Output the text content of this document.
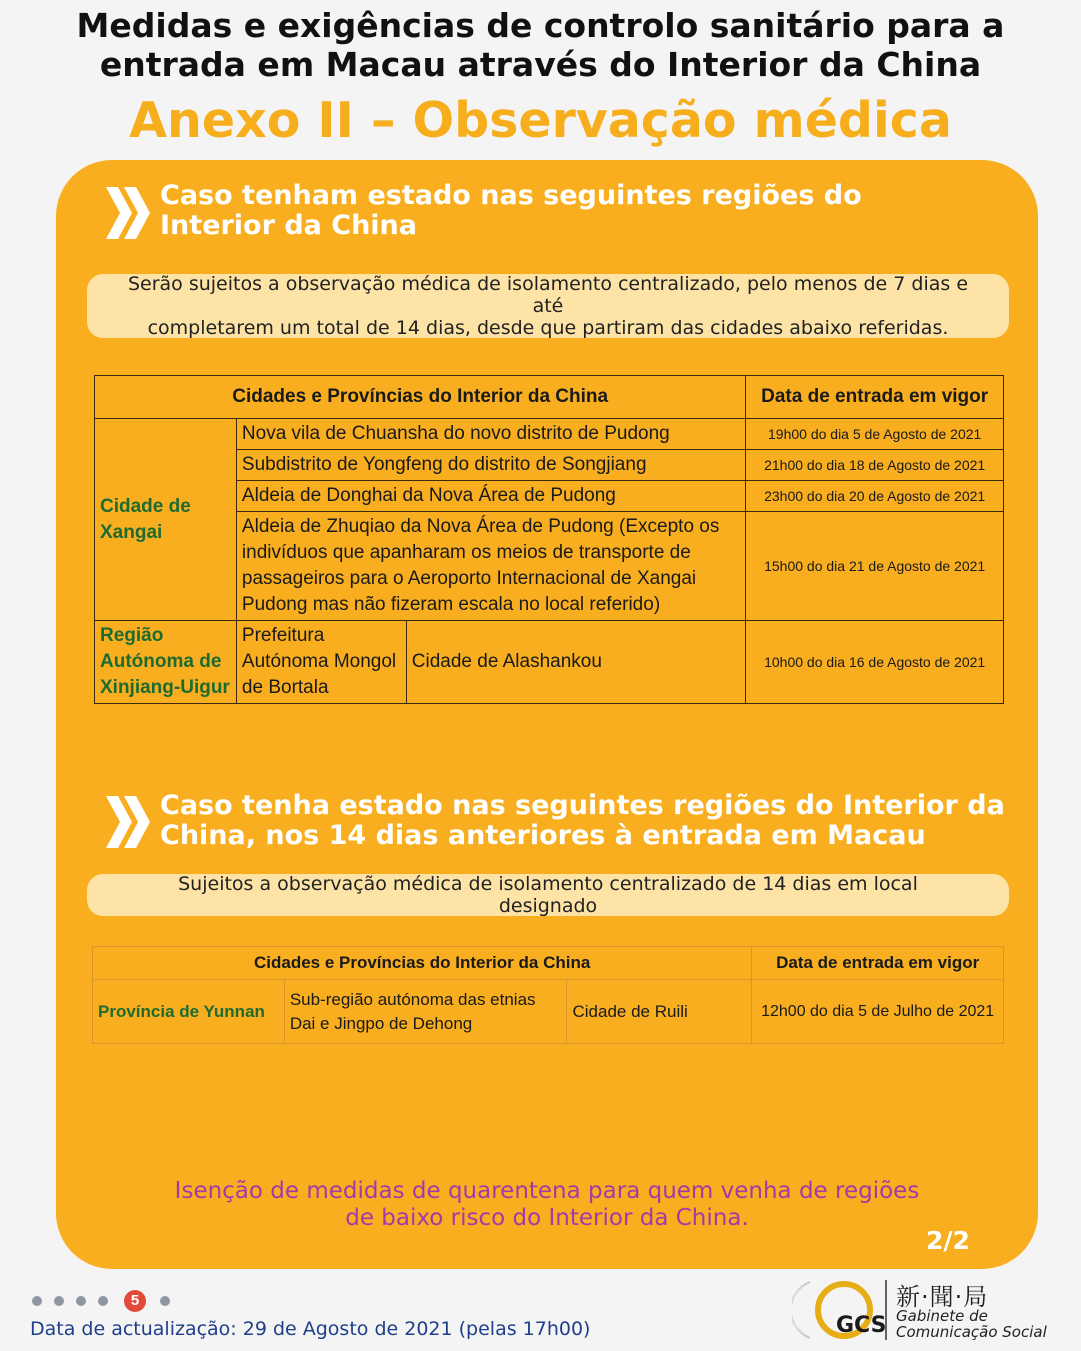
Medidas e exigências de controlo sanitário para a
entrada em Macau através do Interior da China
Anexo II – Observação médica
Caso tenham estado nas seguintes regiões do
Interior da China
Serão sujeitos a observação médica de isolamento centralizado, pelo menos de 7 dias e até
completarem um total de 14 dias, desde que partiram das cidades abaixo referidas.
Cidades e Províncias do Interior da China			Data de entrada em vigor
Cidade de Xangai	Nova vila de Chuansha do novo distrito de Pudong		19h00 do dia 5 de Agosto de 2021
	Subdistrito de Yongfeng do distrito de Songjiang		21h00 do dia 18 de Agosto de 2021
	Aldeia de Donghai da Nova Área de Pudong		23h00 do dia 20 de Agosto de 2021
	Aldeia de Zhuqiao da Nova Área de Pudong (Excepto os indivíduos que apanharam os meios de transporte de passageiros para o Aeroporto Internacional de Xangai Pudong mas não fizeram escala no local referido)		15h00 do dia 21 de Agosto de 2021
Região Autónoma de Xinjiang-Uigur	Prefeitura Autónoma Mongol de Bortala	Cidade de Alashankou	10h00 do dia 16 de Agosto de 2021
Caso tenha estado nas seguintes regiões do Interior da
China, nos 14 dias anteriores à entrada em Macau
Sujeitos a observação médica de isolamento centralizado de 14 dias em local designado
Cidades e Províncias do Interior da China			Data de entrada em vigor
Província de Yunnan	Sub-região autónoma das etnias Dai e Jingpo de Dehong	Cidade de Ruili	12h00 do dia 5 de Julho de 2021
Isenção de medidas de quarentena para quem venha de regiões
de baixo risco do Interior da China.
2/2
5
Data de actualização: 29 de Agosto de 2021 (pelas 17h00)	GCS
新·聞·局
Gabinete de
Comunicação Social
